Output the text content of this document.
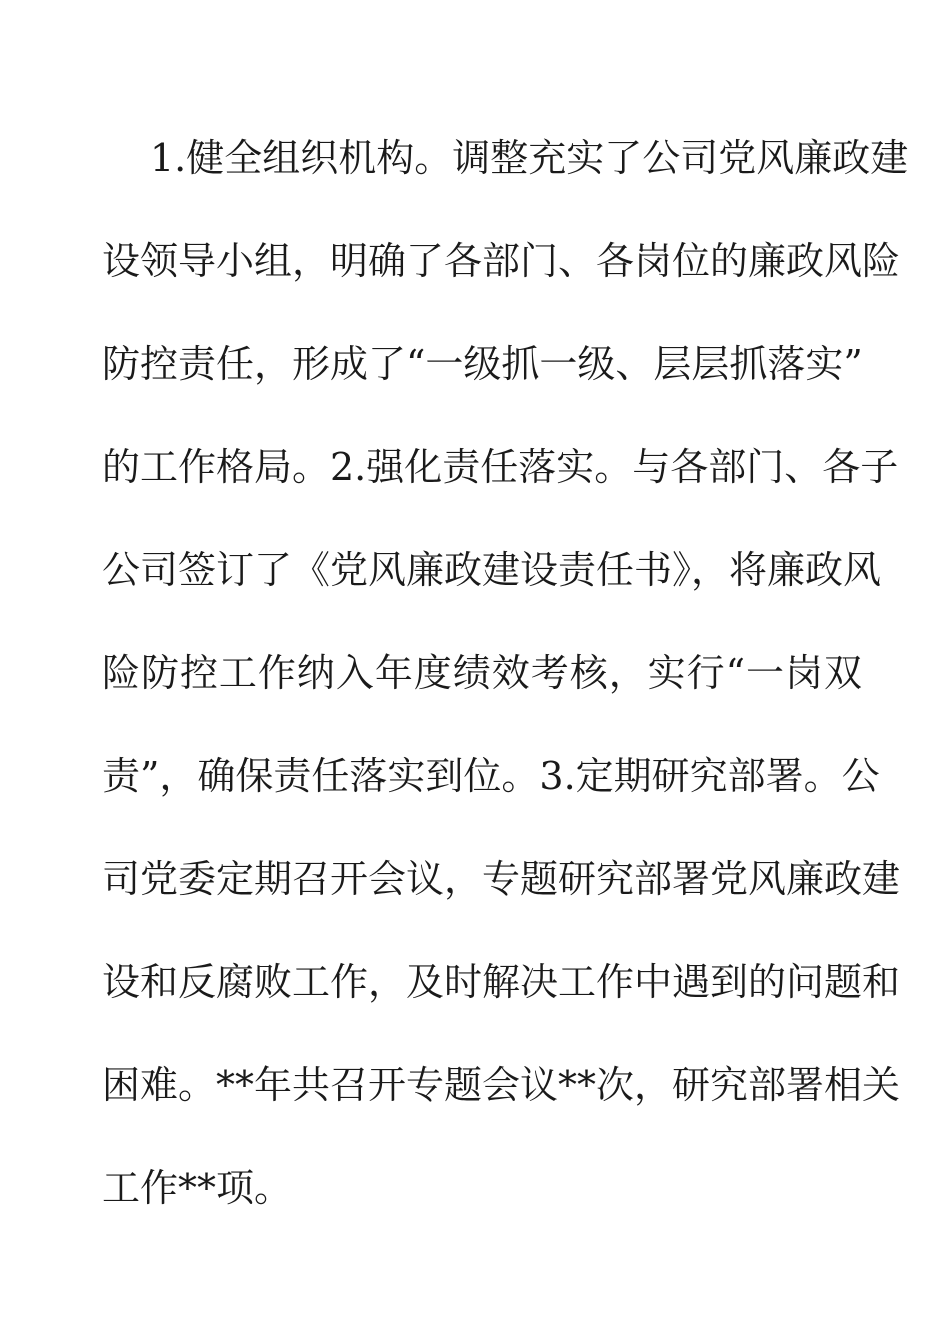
1.健全组织机构。调整充实了公司党风廉政建
设领导小组，明确了各部门、各岗位的廉政风险
防控责任，形成了“一级抓一级、层层抓落实”
的工作格局。2.强化责任落实。与各部门、各子
公司签订了《党风廉政建设责任书》，将廉政风
险防控工作纳入年度绩效考核，实行“一岗双
责”，确保责任落实到位。3.定期研究部署。公
司党委定期召开会议，专题研究部署党风廉政建
设和反腐败工作，及时解决工作中遇到的问题和
困难。**年共召开专题会议**次，研究部署相关
工作**项。
